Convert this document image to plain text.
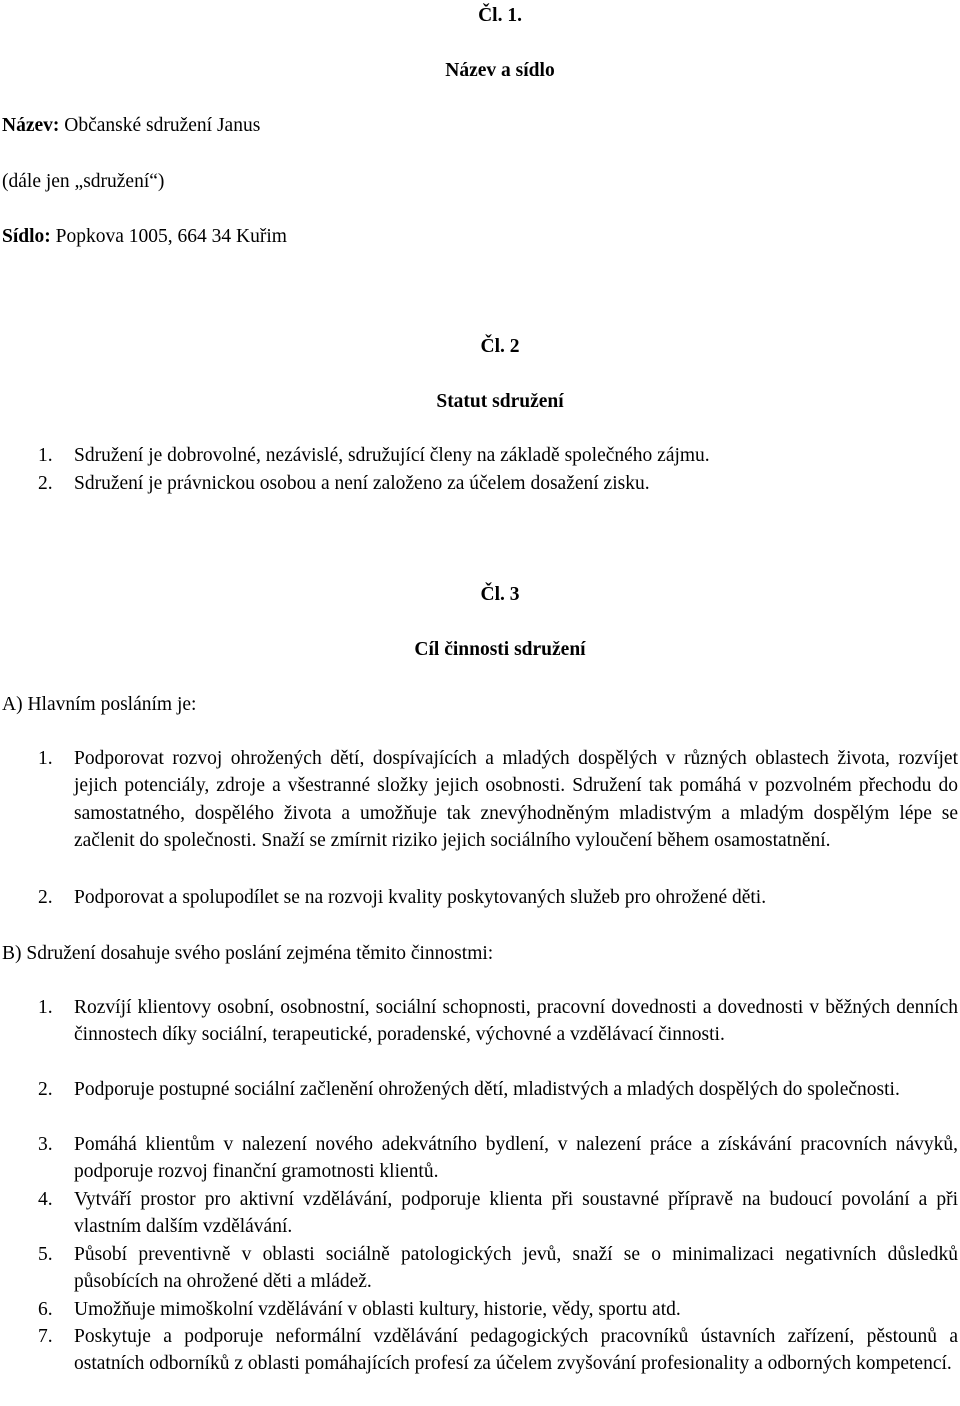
Čl. 1.
Název a sídlo
Název: Občanské sdružení Janus
(dále jen „sdružení“)
Sídlo: Popkova 1005, 664 34 Kuřim
Čl. 2
Statut sdružení
1. Sdružení je dobrovolné, nezávislé, sdružující členy na základě společného zájmu.
2. Sdružení je právnickou osobou a není založeno za účelem dosažení zisku.
Čl. 3
Cíl činnosti sdružení
A) Hlavním posláním je:
1. Podporovat rozvoj ohrožených dětí, dospívajících a mladých dospělých v různých oblastech života, rozvíjet jejich potenciály, zdroje a všestranné složky jejich osobnosti. Sdružení tak pomáhá v pozvolném přechodu do samostatného, dospělého života a umožňuje tak znevýhodněným mladistvým a mladým dospělým lépe se začlenit do společnosti. Snaží se zmírnit riziko jejich sociálního vyloučení během osamostatnění.
2. Podporovat a spolupodílet se na rozvoji kvality poskytovaných služeb pro ohrožené děti.
B) Sdružení dosahuje svého poslání zejména těmito činnostmi:
1. Rozvíjí klientovy osobní, osobnostní, sociální schopnosti, pracovní dovednosti a dovednosti v běžných denních činnostech díky sociální, terapeutické, poradenské, výchovné a vzdělávací činnosti.
2. Podporuje postupné sociální začlenění ohrožených dětí, mladistvých a mladých dospělých do společnosti.
3. Pomáhá klientům v nalezení nového adekvátního bydlení, v nalezení práce a získávání pracovních návyků, podporuje rozvoj finanční gramotnosti klientů.
4. Vytváří prostor pro aktivní vzdělávání, podporuje klienta při soustavné přípravě na budoucí povolání a při vlastním dalším vzdělávání.
5. Působí preventivně v oblasti sociálně patologických jevů, snaží se o minimalizaci negativních důsledků působících na ohrožené děti a mládež.
6. Umožňuje mimoškolní vzdělávání v oblasti kultury, historie, vědy, sportu atd.
7. Poskytuje a podporuje neformální vzdělávání pedagogických pracovníků ústavních zařízení, pěstounů a ostatních odborníků z oblasti pomáhajících profesí za účelem zvyšování profesionality a odborných kompetencí.
